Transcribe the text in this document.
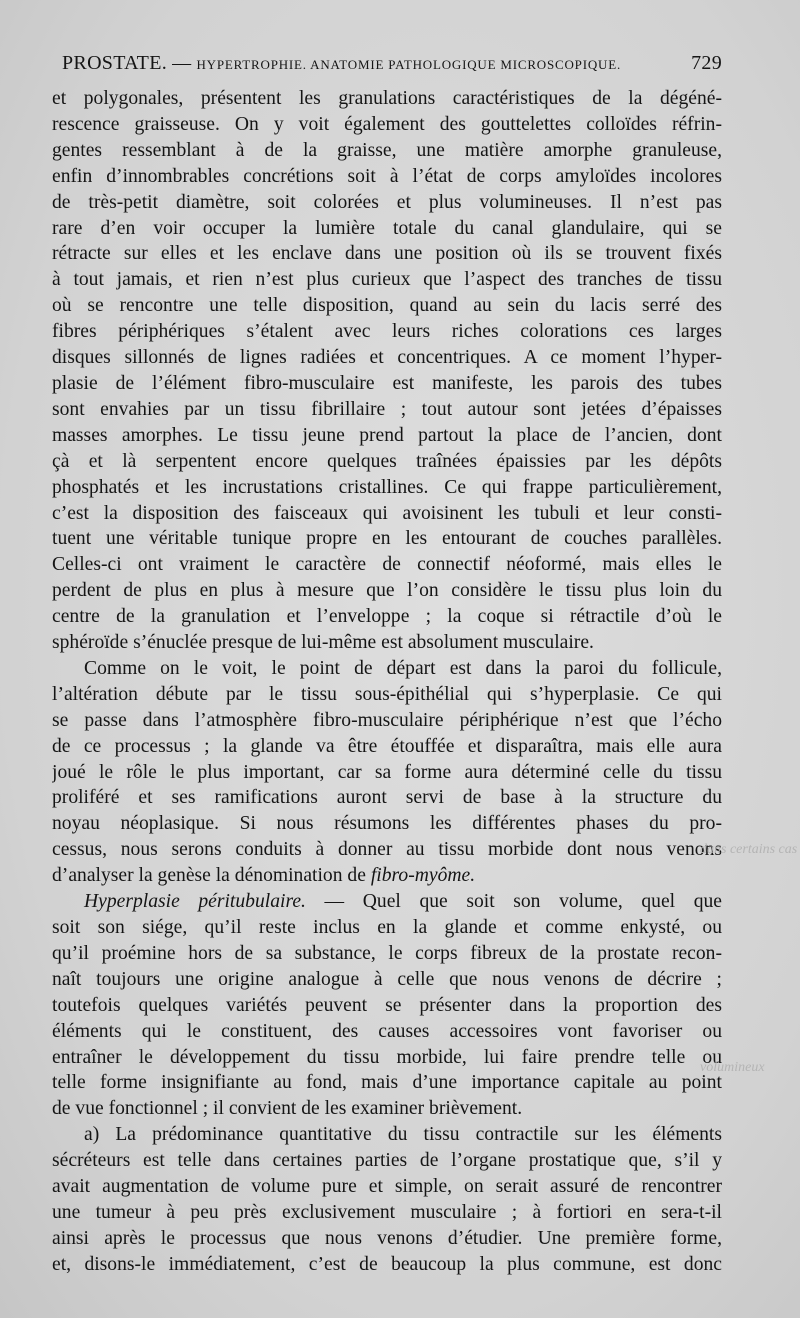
PROSTATE. — HYPERTROPHIE. ANATOMIE PATHOLOGIQUE MICROSCOPIQUE.	729
et polygonales, présentent les granulations caractéristiques de la dégéné-
rescence graisseuse. On y voit également des gouttelettes colloïdes réfrin-
gentes ressemblant à de la graisse, une matière amorphe granuleuse,
enfin d’innombrables concrétions soit à l’état de corps amyloïdes incolores
de très-petit diamètre, soit colorées et plus volumineuses. Il n’est pas
rare d’en voir occuper la lumière totale du canal glandulaire, qui se
rétracte sur elles et les enclave dans une position où ils se trouvent fixés
à tout jamais, et rien n’est plus curieux que l’aspect des tranches de tissu
où se rencontre une telle disposition, quand au sein du lacis serré des
fibres périphériques s’étalent avec leurs riches colorations ces larges
disques sillonnés de lignes radiées et concentriques. A ce moment l’hyper-
plasie de l’élément fibro-musculaire est manifeste, les parois des tubes
sont envahies par un tissu fibrillaire ; tout autour sont jetées d’épaisses
masses amorphes. Le tissu jeune prend partout la place de l’ancien, dont
çà et là serpentent encore quelques traînées épaissies par les dépôts
phosphatés et les incrustations cristallines. Ce qui frappe particulièrement,
c’est la disposition des faisceaux qui avoisinent les tubuli et leur consti-
tuent une véritable tunique propre en les entourant de couches parallèles.
Celles-ci ont vraiment le caractère de connectif néoformé, mais elles le
perdent de plus en plus à mesure que l’on considère le tissu plus loin du
centre de la granulation et l’enveloppe ; la coque si rétractile d’où le
sphéroïde s’énuclée presque de lui-même est absolument musculaire.
Comme on le voit, le point de départ est dans la paroi du follicule,
l’altération débute par le tissu sous-épithélial qui s’hyperplasie. Ce qui
se passe dans l’atmosphère fibro-musculaire périphérique n’est que l’écho
de ce processus ; la glande va être étouffée et disparaîtra, mais elle aura
joué le rôle le plus important, car sa forme aura déterminé celle du tissu
proliféré et ses ramifications auront servi de base à la structure du
noyau néoplasique. Si nous résumons les différentes phases du pro-
cessus, nous serons conduits à donner au tissu morbide dont nous venons
d’analyser la genèse la dénomination de fibro-myôme.
Hyperplasie péritubulaire. — Quel que soit son volume, quel que
soit son siége, qu’il reste inclus en la glande et comme enkysté, ou
qu’il proémine hors de sa substance, le corps fibreux de la prostate recon-
naît toujours une origine analogue à celle que nous venons de décrire ;
toutefois quelques variétés peuvent se présenter dans la proportion des
éléments qui le constituent, des causes accessoires vont favoriser ou
entraîner le développement du tissu morbide, lui faire prendre telle ou
telle forme insignifiante au fond, mais d’une importance capitale au point
de vue fonctionnel ; il convient de les examiner brièvement.
a) La prédominance quantitative du tissu contractile sur les éléments
sécréteurs est telle dans certaines parties de l’organe prostatique que, s’il y
avait augmentation de volume pure et simple, on serait assuré de rencontrer
une tumeur à peu près exclusivement musculaire ; à fortiori en sera-t-il
ainsi après le processus que nous venons d’étudier. Une première forme,
et, disons-le immédiatement, c’est de beaucoup la plus commune, est donc
dans certains cas
volumineux
